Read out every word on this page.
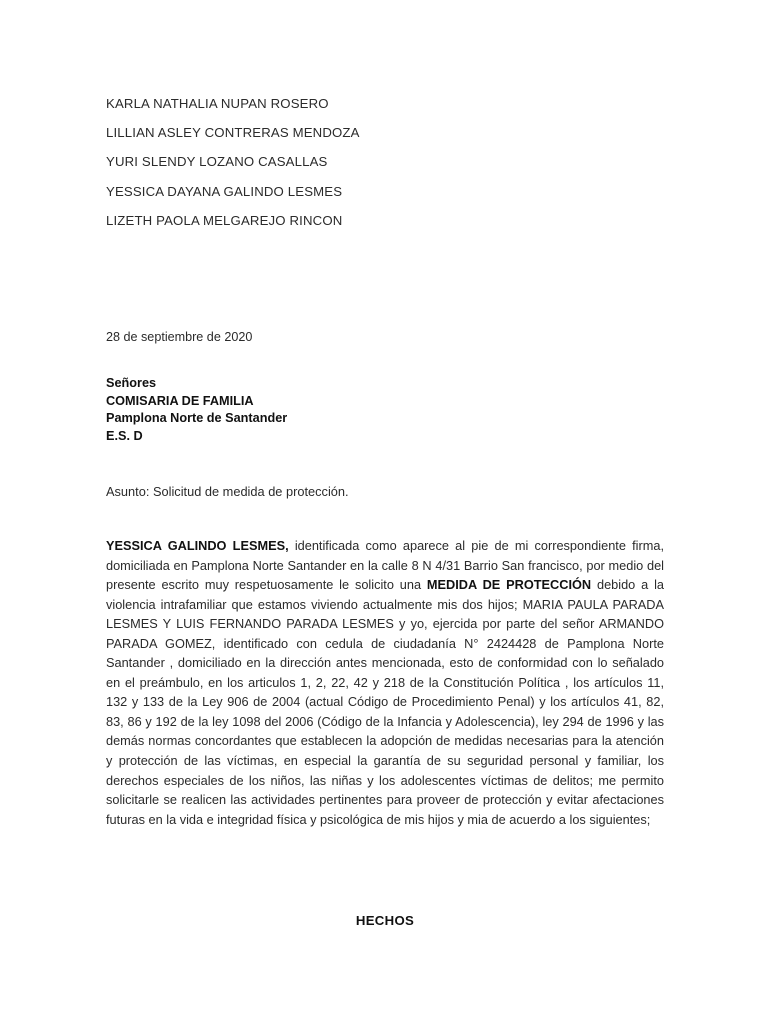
KARLA NATHALIA NUPAN ROSERO
LILLIAN ASLEY CONTRERAS MENDOZA
YURI SLENDY LOZANO CASALLAS
YESSICA DAYANA GALINDO LESMES
LIZETH PAOLA MELGAREJO RINCON
28 de septiembre de 2020
Señores
COMISARIA DE FAMILIA
Pamplona Norte de Santander
E.S. D
Asunto: Solicitud de medida de protección.
YESSICA GALINDO LESMES, identificada como aparece al pie de mi correspondiente firma, domiciliada en Pamplona Norte Santander en la calle 8 N 4/31 Barrio San francisco, por medio del presente escrito muy respetuosamente le solicito una MEDIDA DE PROTECCIÓN debido a la violencia intrafamiliar que estamos viviendo actualmente mis dos hijos; MARIA PAULA PARADA LESMES Y LUIS FERNANDO PARADA LESMES y yo, ejercida por parte del señor ARMANDO PARADA GOMEZ, identificado con cedula de ciudadanía N° 2424428 de Pamplona Norte Santander , domiciliado en la dirección antes mencionada, esto de conformidad con lo señalado en el preámbulo, en los articulos 1, 2, 22, 42 y 218 de la Constitución Política , los artículos 11, 132 y 133 de la Ley 906 de 2004 (actual Código de Procedimiento Penal) y los artículos 41, 82, 83, 86 y 192 de la ley 1098 del 2006 (Código de la Infancia y Adolescencia), ley 294 de 1996 y las demás normas concordantes que establecen la adopción de medidas necesarias para la atención y protección de las víctimas, en especial la garantía de su seguridad personal y familiar, los derechos especiales de los niños, las niñas y los adolescentes víctimas de delitos; me permito solicitarle se realicen las actividades pertinentes para proveer de protección y evitar afectaciones futuras en la vida e integridad física y psicológica de mis hijos y mia de acuerdo a los siguientes;
HECHOS
